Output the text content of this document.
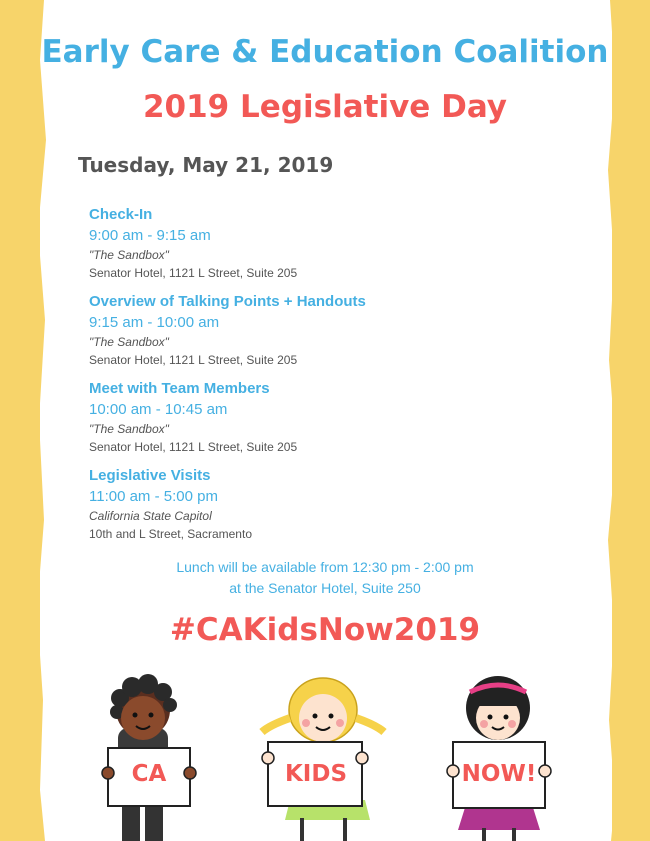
Early Care & Education Coalition
2019 Legislative Day
Tuesday, May 21, 2019
Check-In
9:00 am - 9:15 am
"The Sandbox"
Senator Hotel, 1121 L Street, Suite 205
Overview of Talking Points + Handouts
9:15 am - 10:00 am
"The Sandbox"
Senator Hotel, 1121 L Street, Suite 205
Meet with Team Members
10:00 am - 10:45 am
"The Sandbox"
Senator Hotel, 1121 L Street, Suite 205
Legislative Visits
11:00 am - 5:00 pm
California State Capitol
10th and L Street, Sacramento
Lunch will be available from 12:30 pm - 2:00 pm
at the Senator Hotel, Suite 250
#CAKidsNow2019
CA	KIDS	NOW!
